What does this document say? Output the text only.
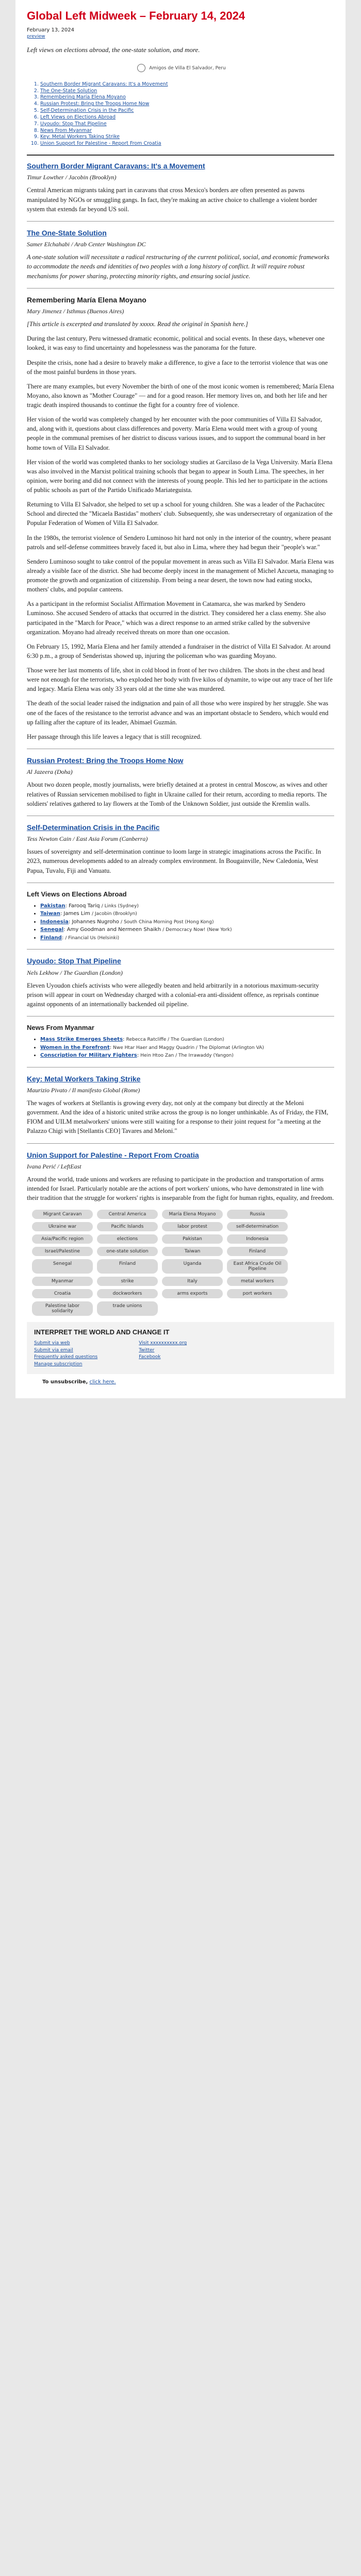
Global Left Midweek – February 14, 2024
February 13, 2024
preview
Left views on elections abroad, the one-state solution, and more.
Amigos de Villa El Salvador, Peru
1. Southern Border Migrant Caravans: It's a Movement
2. The One-State Solution
3. Remembering María Elena Moyano
4. Russian Protest: Bring the Troops Home Now
5. Self-Determination Crisis in the Pacific
6. Left Views on Elections Abroad
7. Uyoudo: Stop That Pipeline
8. News From Myanmar
9. Key: Metal Workers Taking Strike
10. Union Support for Palestine - Report From Croatia
Southern Border Migrant Caravans: It's a Movement
Timur Lowther / Jacobin (Brooklyn)

Central American migrants taking part in caravans that cross Mexico's borders are often presented as pawns manipulated by NGOs or smuggling gangs. In fact, they're making an active choice to challenge a violent border system that extends far beyond US soil.

The One-State Solution
Samer Elchahabi / Arab Center Washington DC

A one-state solution will necessitate a radical restructuring of the current political, social, and economic frameworks to accommodate the needs and identities of two peoples with a long history of conflict. It will require robust mechanisms for power sharing, protecting minority rights, and ensuring social justice.

Remembering María Elena Moyano
Mary Jimenez / Isthmus (Buenos Aires)

[This article is excerpted and translated by xxxxx. Read the original in Spanish here.]

During the last century, Peru witnessed dramatic economic, political and social events. In these days, whenever one looked, it was easy to find uncertainty and hopelessness was the panorama for the future.

Despite the crisis, none had a desire to bravely make a difference, to give a face to the terrorist violence that was one of the most painful burdens in those years.

There are many examples, but every November the birth of one of the most iconic women is remembered; María Elena Moyano, also known as "Mother Courage" — and for a good reason. Her memory lives on, and both her life and her tragic death inspired thousands to continue the fight for a country free of violence.

Her vision of the world was completely changed by her encounter with the poor communities of Villa El Salvador, and, along with it, questions about class differences and poverty. María Elena would meet with a group of young people in the communal premises of her district to discuss various issues, and to support the communal board in her home town of Villa El Salvador.

Her vision of the world was completed thanks to her sociology studies at Garcilaso de la Vega University. María Elena was also involved in the Marxist political training schools that began to appear in South Lima. The speeches, in her opinion, were boring and did not connect with the interests of young people. This led her to participate in the actions of public schools as part of the Partido Unificado Mariateguista.

Returning to Villa El Salvador, she helped to set up a school for young children. She was a leader of the Pachacútec School and directed the "Micaela Bastidas" mothers' club. Subsequently, she was undersecretary of organization of the Popular Federation of Women of Villa El Salvador.

In the 1980s, the terrorist violence of Sendero Luminoso hit hard not only in the interior of the country, where peasant patrols and self-defense committees bravely faced it, but also in Lima, where they had begun their "people's war."

Sendero Luminoso sought to take control of the popular movement in areas such as Villa El Salvador. María Elena was already a visible face of the district. She had become deeply incest in the management of Michel Azcueta, managing to promote the growth and organization of citizenship. From being a near desert, the town now had eating stocks, mothers' clubs, and popular canteens.

As a participant in the reformist Socialist Affirmation Movement in Catamarca, she was marked by Sendero Luminoso. She accused Sendero of attacks that occurred in the district. They considered her a class enemy. She also participated in the "March for Peace," which was a direct response to an armed strike called by the subversive organization. Moyano had already received threats on more than one occasion.

On February 15, 1992, María Elena and her family attended a fundraiser in the district of Villa El Salvador. At around 6:30 p.m., a group of Senderistas showed up, injuring the policeman who was guarding Moyano.

Those were her last moments of life, shot in cold blood in front of her two children. The shots in the chest and head were not enough for the terrorists, who exploded her body with five kilos of dynamite, to wipe out any trace of her life and legacy. María Elena was only 33 years old at the time she was murdered.

The death of the social leader raised the indignation and pain of all those who were inspired by her struggle. She was one of the faces of the resistance to the terrorist advance and was an important obstacle to Sendero, which would end up falling after the capture of its leader, Abimael Guzmán.

Her passage through this life leaves a legacy that is still recognized.

Russian Protest: Bring the Troops Home Now
Al Jazeera (Doha)

About two dozen people, mostly journalists, were briefly detained at a protest in central Moscow, as wives and other relatives of Russian servicemen mobilised to fight in Ukraine called for their return, according to media reports. The soldiers' relatives gathered to lay flowers at the Tomb of the Unknown Soldier, just outside the Kremlin walls.

Self-Determination Crisis in the Pacific
Tess Newton Cain / East Asia Forum (Canberra)

Issues of sovereignty and self-determination continue to loom large in strategic imaginations across the Pacific. In 2023, numerous developments added to an already complex environment. In Bougainville, New Caledonia, West Papua, Tuvalu, Fiji and Vanuatu.

Left Views on Elections Abroad
• Pakistan: Farooq Tariq / Links (Sydney)
• Taiwan: James Lim / Jacobin (Brooklyn)
• Indonesia: Johannes Nugroho / South China Morning Post (Hong Kong)
• Senegal: Amy Goodman and Nermeen Shaikh / Democracy Now! (New York)
• Finland: / Financial Us (Helsinki)
Uyoudo: Stop That Pipeline
Nels Lekhow / The Guardian (London)

Eleven Uyoudon chiefs activists who were allegedly beaten and held arbitrarily in a notorious maximum-security prison will appear in court on Wednesday charged with a colonial-era anti-dissident offence, as reprisals continue against opponents of an internationally backended oil pipeline.

News From Myanmar
• Mass Strike Emerges Sheets: Rebecca Ratcliffe / The Guardian (London)
• Women in the Forefront: Nwe Htar Haer and Maggy Quadrin / The Diplomat (Arlington VA)
• Conscription for Military Fighters: Hein Htoo Zan / The Irrawaddy (Yangon)
Key: Metal Workers Taking Strike
Maurizio Pivato / Il manifesto Global (Rome)

The wages of workers at Stellantis is growing every day, not only at the company but directly at the Meloni government. And the idea of a historic united strike across the group is no longer unthinkable. As of Friday, the FIM, FIOM and UILM metalworkers' unions were still waiting for a response to their joint request for "a meeting at the Palazzo Chigi with [Stellantis CEO] Tavares and Meloni."

Union Support for Palestine - Report From Croatia
Ivana Perić / LeftEast

Around the world, trade unions and workers are refusing to participate in the production and transportation of arms intended for Israel. Particularly notable are the actions of port workers' unions, who have demonstrated in line with their tradition that the struggle for workers' rights is inseparable from the fight for human rights, equality, and freedom.

Migrant Caravan	Central America	María Elena Moyano	Russia
Ukraine war	Pacific Islands	labor protest	self-determination
Asia/Pacific region	elections	Pakistan	Indonesia
Israel/Palestine	one-state solution	Taiwan	Finland
Senegal	Finland	Uganda	East Africa Crude Oil Pipeline
Myanmar	strike	Italy	metal workers
Croatia	dockworkers	arms exports	port workers
Palestine labor solidarity
trade unions
INTERPRET THE WORLD AND CHANGE IT
Submit via web
Submit via email
Frequently asked questions
Manage subscription
Visit xxxxxxxxxx.org
Twitter
Facebook
To unsubscribe, click here.
